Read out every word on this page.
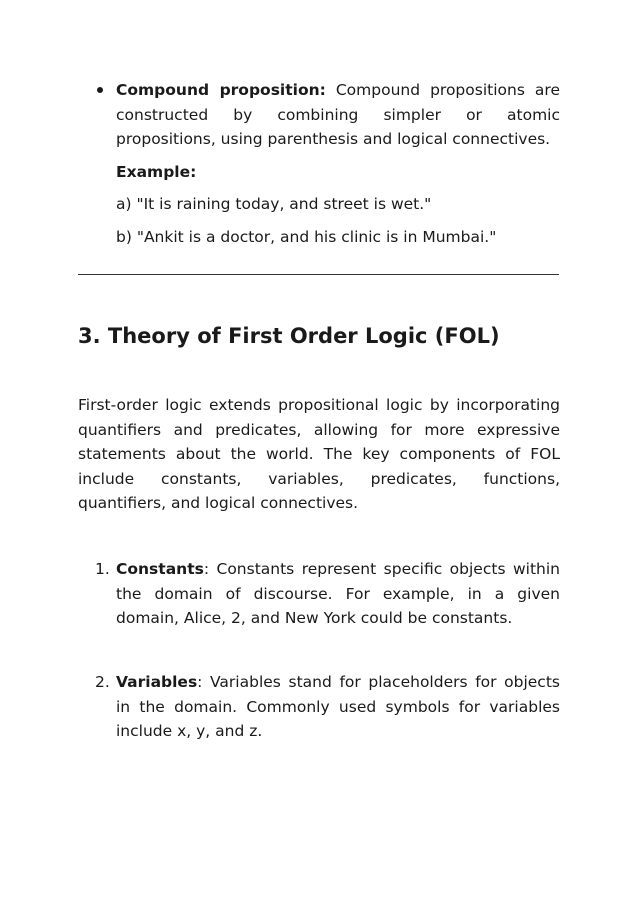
Compound proposition: Compound propositions are constructed by combining simpler or atomic propositions, using parenthesis and logical connectives.
Example:
a) "It is raining today, and street is wet."
b) "Ankit is a doctor, and his clinic is in Mumbai."
3. Theory of First Order Logic (FOL)
First-order logic extends propositional logic by incorporating quantifiers and predicates, allowing for more expressive statements about the world. The key components of FOL include constants, variables, predicates, functions, quantifiers, and logical connectives.
1. Constants: Constants represent specific objects within the domain of discourse. For example, in a given domain, Alice, 2, and New York could be constants.
2. Variables: Variables stand for placeholders for objects in the domain. Commonly used symbols for variables include x, y, and z.
